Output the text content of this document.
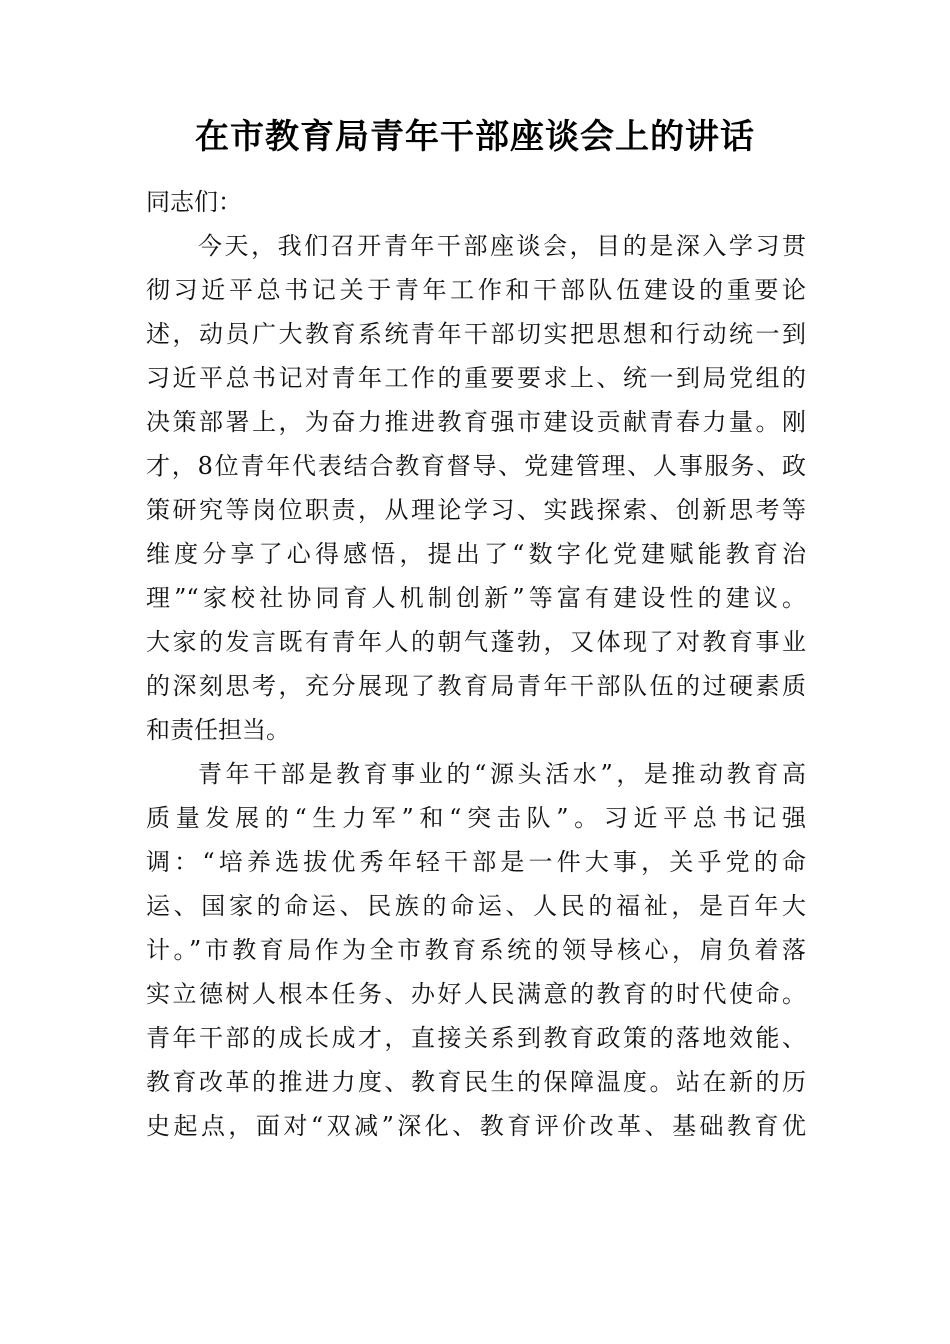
在市教育局青年干部座谈会上的讲话
同志们：
今天，我们召开青年干部座谈会，目的是深入学习贯
彻习近平总书记关于青年工作和干部队伍建设的重要论
述，动员广大教育系统青年干部切实把思想和行动统一到
习近平总书记对青年工作的重要要求上、统一到局党组的
决策部署上，为奋力推进教育强市建设贡献青春力量。刚
才，8位青年代表结合教育督导、党建管理、人事服务、政
策研究等岗位职责，从理论学习、实践探索、创新思考等
维度分享了心得感悟，提出了“数字化党建赋能教育治
理”“家校社协同育人机制创新”等富有建设性的建议。
大家的发言既有青年人的朝气蓬勃，又体现了对教育事业
的深刻思考，充分展现了教育局青年干部队伍的过硬素质
和责任担当。
青年干部是教育事业的“源头活水”，是推动教育高
质量发展的“生力军”和“突击队”。习近平总书记强
调：“培养选拔优秀年轻干部是一件大事，关乎党的命
运、国家的命运、民族的命运、人民的福祉，是百年大
计。”市教育局作为全市教育系统的领导核心，肩负着落
实立德树人根本任务、办好人民满意的教育的时代使命。
青年干部的成长成才，直接关系到教育政策的落地效能、
教育改革的推进力度、教育民生的保障温度。站在新的历
史起点，面对“双减”深化、教育评价改革、基础教育优
